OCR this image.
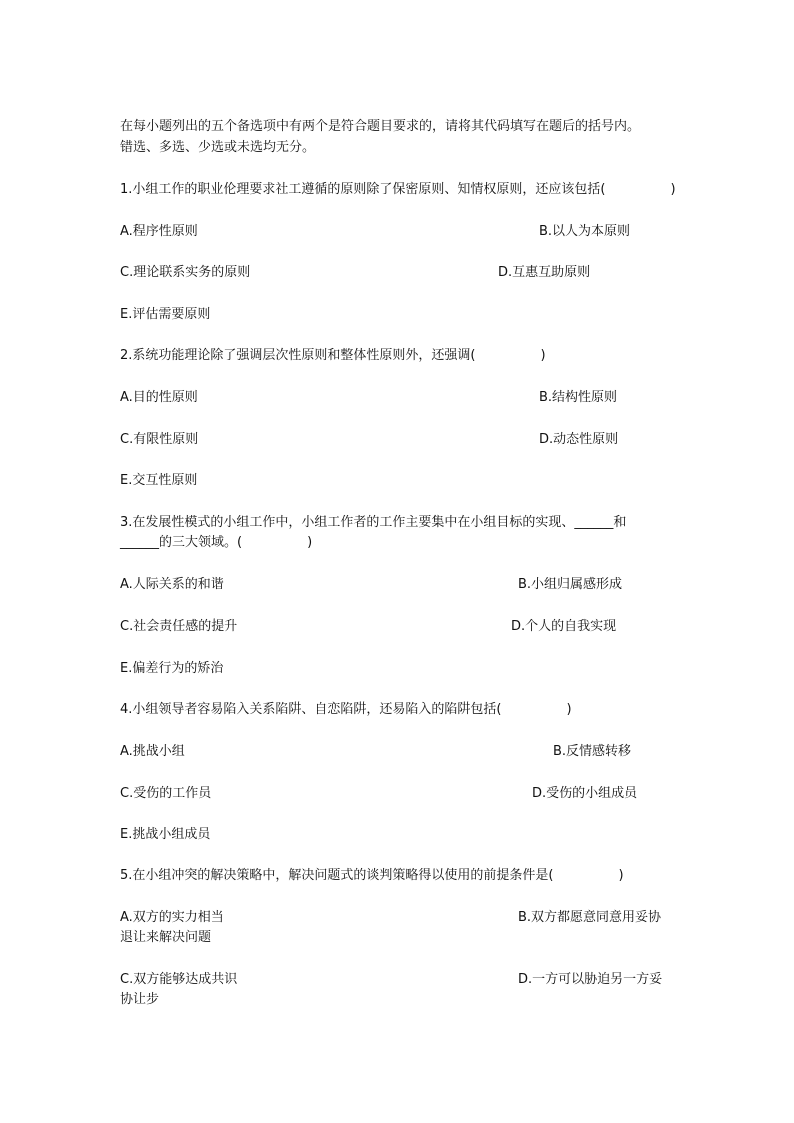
在每小题列出的五个备选项中有两个是符合题目要求的，请将其代码填写在题后的括号内。
错选、多选、少选或未选均无分。
1.小组工作的职业伦理要求社工遵循的原则除了保密原则、知情权原则，还应该包括(　　　　　)
A.程序性原则	B.以人为本原则
C.理论联系实务的原则	D.互惠互助原则
E.评估需要原则
2.系统功能理论除了强调层次性原则和整体性原则外，还强调(　　　　　)
A.目的性原则	B.结构性原则
C.有限性原则	D.动态性原则
E.交互性原则
3.在发展性模式的小组工作中，小组工作者的工作主要集中在小组目标的实现、______和
______的三大领域。(　　　　　)
A.人际关系的和谐	B.小组归属感形成
C.社会责任感的提升	D.个人的自我实现
E.偏差行为的矫治
4.小组领导者容易陷入关系陷阱、自恋陷阱，还易陷入的陷阱包括(　　　　　)
A.挑战小组	B.反情感转移
C.受伤的工作员	D.受伤的小组成员
E.挑战小组成员
5.在小组冲突的解决策略中，解决问题式的谈判策略得以使用的前提条件是(　　　　　)
A.双方的实力相当	B.双方都愿意同意用妥协
退让来解决问题
C.双方能够达成共识	D.一方可以胁迫另一方妥
协让步
